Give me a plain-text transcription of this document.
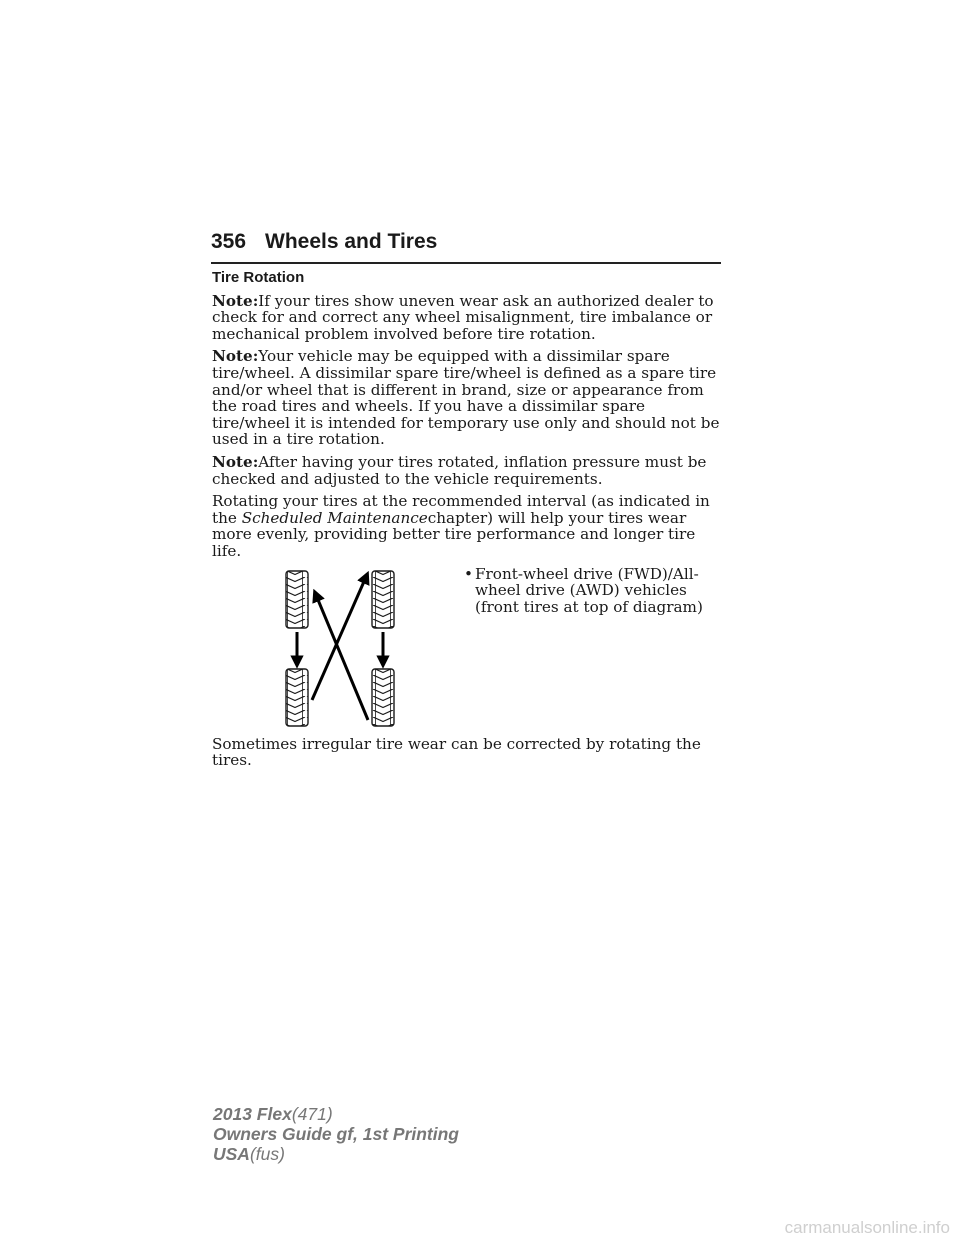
356 Wheels and Tires
Tire Rotation

Note:If your tires show uneven wear ask an authorized dealer to check for and correct any wheel misalignment, tire imbalance or mechanical problem involved before tire rotation.

Note:Your vehicle may be equipped with a dissimilar spare tire/wheel. A dissimilar spare tire/wheel is defined as a spare tire and/or wheel that is different in brand, size or appearance from the road tires and wheels. If you have a dissimilar spare tire/wheel it is intended for temporary use only and should not be used in a tire rotation.

Note:After having your tires rotated, inflation pressure must be checked and adjusted to the vehicle requirements.

Rotating your tires at the recommended interval (as indicated in the Scheduled Maintenancechapter) will help your tires wear more evenly, providing better tire performance and longer tire life.

• Front-wheel drive (FWD)/All-wheel drive (AWD) vehicles (front tires at top of diagram)

Sometimes irregular tire wear can be corrected by rotating the tires.

2013 Flex(471)
Owners Guide gf, 1st Printing
USA(fus)
carmanualsonline.info
